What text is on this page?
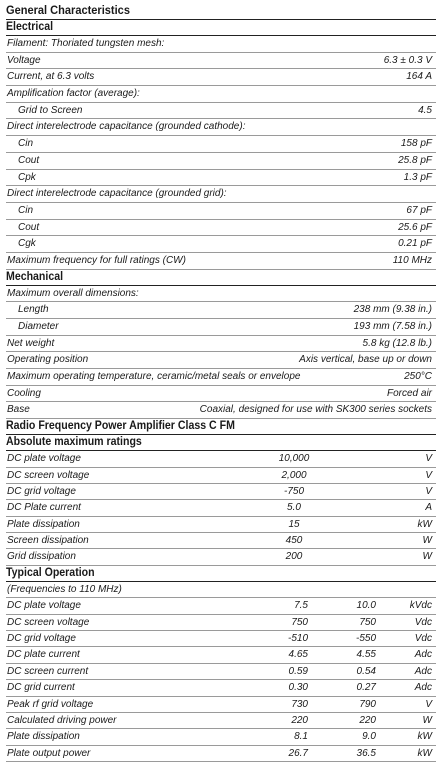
General Characteristics
Electrical
Filament: Thoriated tungsten mesh:
Voltage	6.3 ± 0.3 V
Current, at 6.3 volts	164 A
Amplification factor (average):
Grid to Screen	4.5
Direct interelectrode capacitance (grounded cathode):
Cin	158 pF
Cout	25.8 pF
Cpk	1.3 pF
Direct interelectrode capacitance (grounded grid):
Cin	67 pF
Cout	25.6 pF
Cgk	0.21 pF
Maximum frequency for full ratings (CW)	110 MHz
Mechanical
Maximum overall dimensions:
Length	238 mm (9.38 in.)
Diameter	193 mm (7.58 in.)
Net weight	5.8 kg (12.8 lb.)
Operating position	Axis vertical, base up or down
Maximum operating temperature, ceramic/metal seals or envelope	250°C
Cooling	Forced air
Base	Coaxial, designed for use with SK300 series sockets
Radio Frequency Power Amplifier Class C FM
Absolute maximum ratings
DC plate voltage	10,000	V
DC screen voltage	2,000	V
DC grid voltage	-750	V
DC Plate current	5.0	A
Plate dissipation	15	kW
Screen dissipation	450	W
Grid dissipation	200	W
Typical Operation
(Frequencies to 110 MHz)
DC plate voltage	7.5	10.0	kVdc
DC screen voltage	750	750	Vdc
DC grid voltage	-510	-550	Vdc
DC plate current	4.65	4.55	Adc
DC screen current	0.59	0.54	Adc
DC grid current	0.30	0.27	Adc
Peak rf grid voltage	730	790	V
Calculated driving power	220	220	W
Plate dissipation	8.1	9.0	kW
Plate output power	26.7	36.5	kW
